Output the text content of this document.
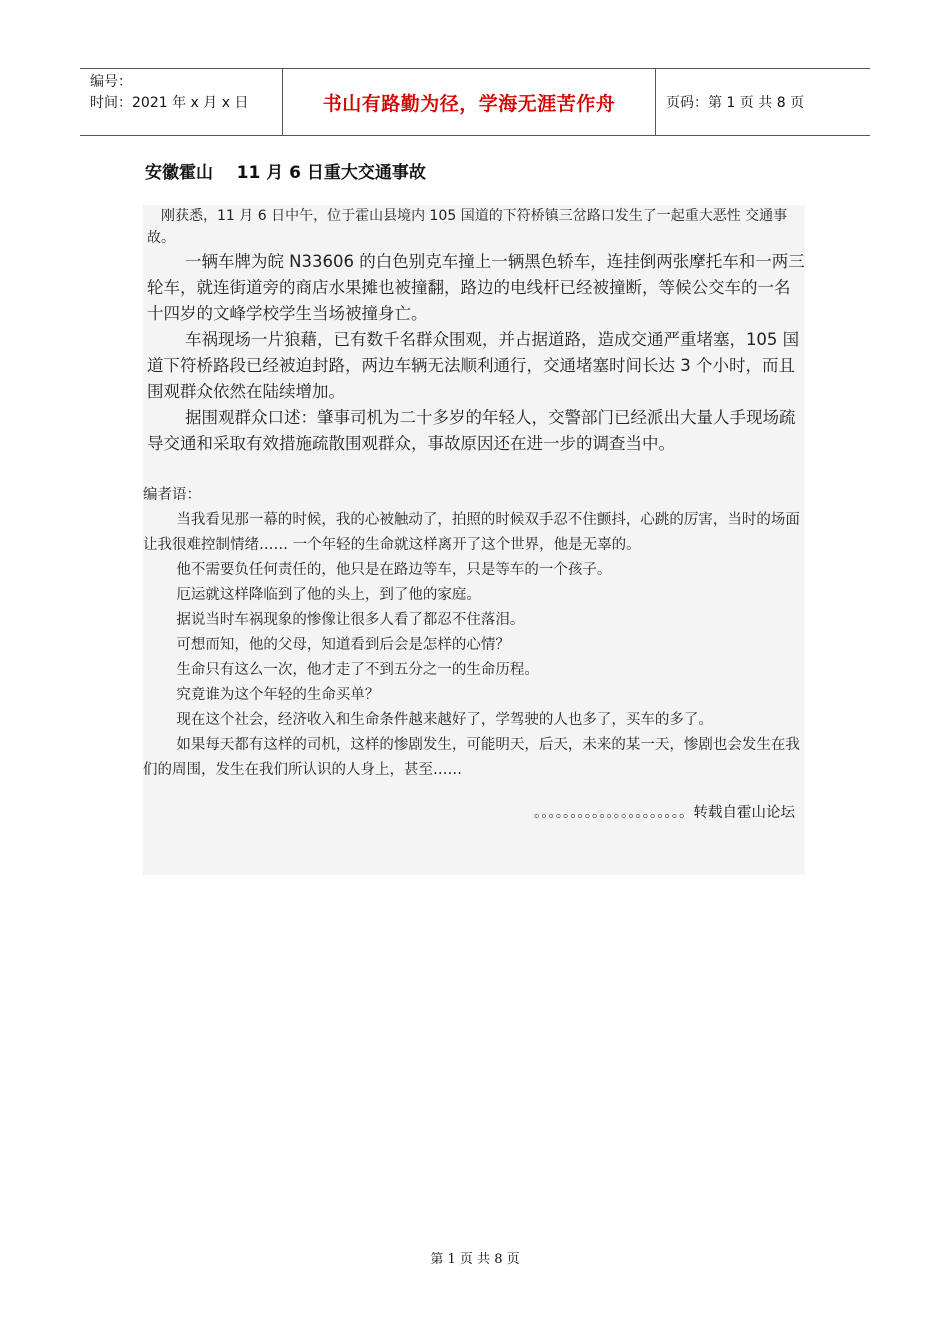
编号：
时间：2021 年 x 月 x 日	书山有路勤为径，学海无涯苦作舟	页码：第 1 页 共 8 页
安徽霍山    11 月 6 日重大交通事故

刚获悉，11 月 6 日中午，位于霍山县境内 105 国道的下符桥镇三岔路口发生了一起重大恶性 交通事故。

一辆车牌为皖 N33606 的白色别克车撞上一辆黑色轿车，连挂倒两张摩托车和一两三轮车，就连街道旁的商店水果摊也被撞翻，路边的电线杆已经被撞断，等候公交车的一名十四岁的文峰学校学生当场被撞身亡。

车祸现场一片狼藉，已有数千名群众围观，并占据道路，造成交通严重堵塞，105 国道下符桥路段已经被迫封路，两边车辆无法顺利通行，交通堵塞时间长达 3 个小时，而且围观群众依然在陆续增加。

据围观群众口述：肇事司机为二十多岁的年轻人，交警部门已经派出大量人手现场疏导交通和采取有效措施疏散围观群众，事故原因还在进一步的调查当中。

编者语：

当我看见那一幕的时候，我的心被触动了，拍照的时候双手忍不住颤抖，心跳的厉害，当时的场面让我很难控制情绪…… 一个年轻的生命就这样离开了这个世界，他是无辜的。

他不需要负任何责任的，他只是在路边等车，只是等车的一个孩子。

厄运就这样降临到了他的头上，到了他的家庭。

据说当时车祸现象的惨像让很多人看了都忍不住落泪。

可想而知，他的父母，知道看到后会是怎样的心情？

生命只有这么一次，他才走了不到五分之一的生命历程。

究竟谁为这个年轻的生命买单？

现在这个社会，经济收入和生命条件越来越好了，学驾驶的人也多了，买车的多了。

如果每天都有这样的司机，这样的惨剧发生，可能明天，后天，未来的某一天，惨剧也会发生在我们的周围，发生在我们所认识的人身上，甚至……

。。。。。。。。。。。。。。。。。。。。。转载自霍山论坛
第 1 页 共 8 页
